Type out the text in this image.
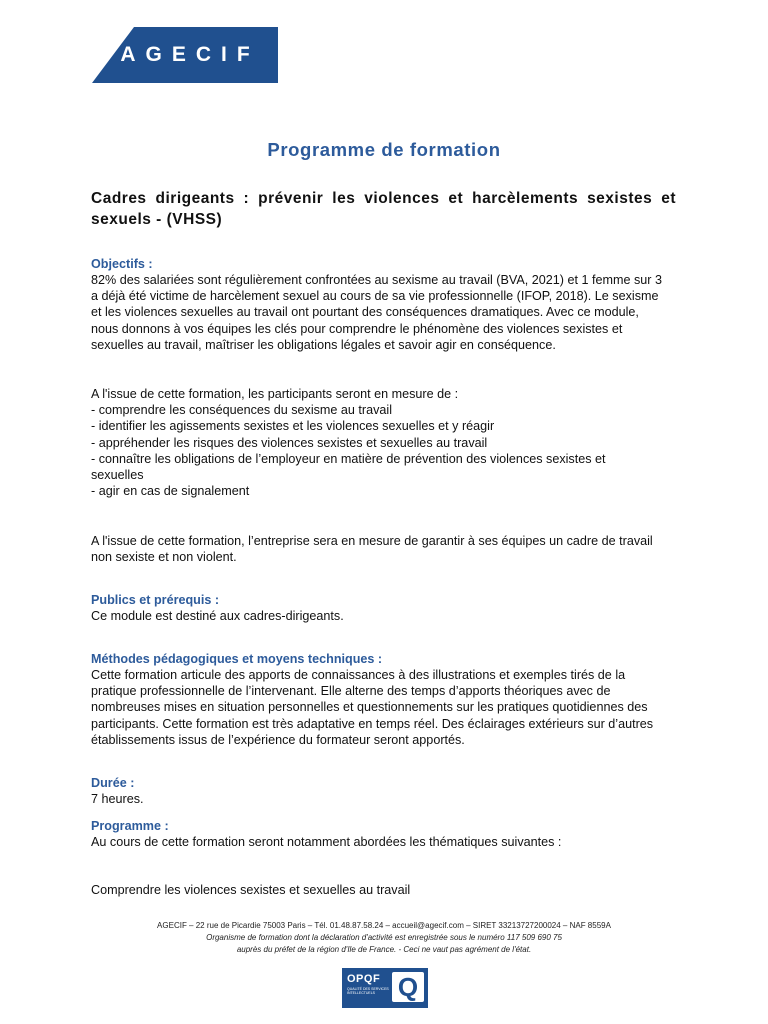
AGECIF
Programme de formation
Cadres dirigeants : prévenir les violences et harcèlements sexistes et sexuels - (VHSS)
Objectifs :
82% des salariées sont régulièrement confrontées au sexisme au travail (BVA, 2021) et 1 femme sur 3
a déjà été victime de harcèlement sexuel au cours de sa vie professionnelle (IFOP, 2018). Le sexisme
et les violences sexuelles au travail ont pourtant des conséquences dramatiques. Avec ce module,
nous donnons à vos équipes les clés pour comprendre le phénomène des violences sexistes et
sexuelles au travail, maîtriser les obligations légales et savoir agir en conséquence.
A l'issue de cette formation, les participants seront en mesure de :
- comprendre les conséquences du sexisme au travail
- identifier les agissements sexistes et les violences sexuelles et y réagir
- appréhender les risques des violences sexistes et sexuelles au travail
- connaître les obligations de l’employeur en matière de prévention des violences sexistes et
sexuelles
- agir en cas de signalement
A l'issue de cette formation, l’entreprise sera en mesure de garantir à ses équipes un cadre de travail
non sexiste et non violent.
Publics et prérequis :
Ce module est destiné aux cadres-dirigeants.
Méthodes pédagogiques et moyens techniques :
Cette formation articule des apports de connaissances à des illustrations et exemples tirés de la
pratique professionnelle de l’intervenant. Elle alterne des temps d’apports théoriques avec de
nombreuses mises en situation personnelles et questionnements sur les pratiques quotidiennes des
participants. Cette formation est très adaptative en temps réel. Des éclairages extérieurs sur d’autres
établissements issus de l’expérience du formateur seront apportés.
Durée :
7 heures.
Programme :
Au cours de cette formation seront notamment abordées les thématiques suivantes :
Comprendre les violences sexistes et sexuelles au travail
AGECIF – 22 rue de Picardie 75003 Paris – Tél. 01.48.87.58.24 – accueil@agecif.com – SIRET 33213727200024 – NAF 8559A
Organisme de formation dont la déclaration d'activité est enregistrée sous le numéro 117 509 690 75
auprès du préfet de la région d'Ile de France. - Ceci ne vaut pas agrément de l'état.
OPQF
QUALITÉ DES SERVICES INTELLECTUELS Q
